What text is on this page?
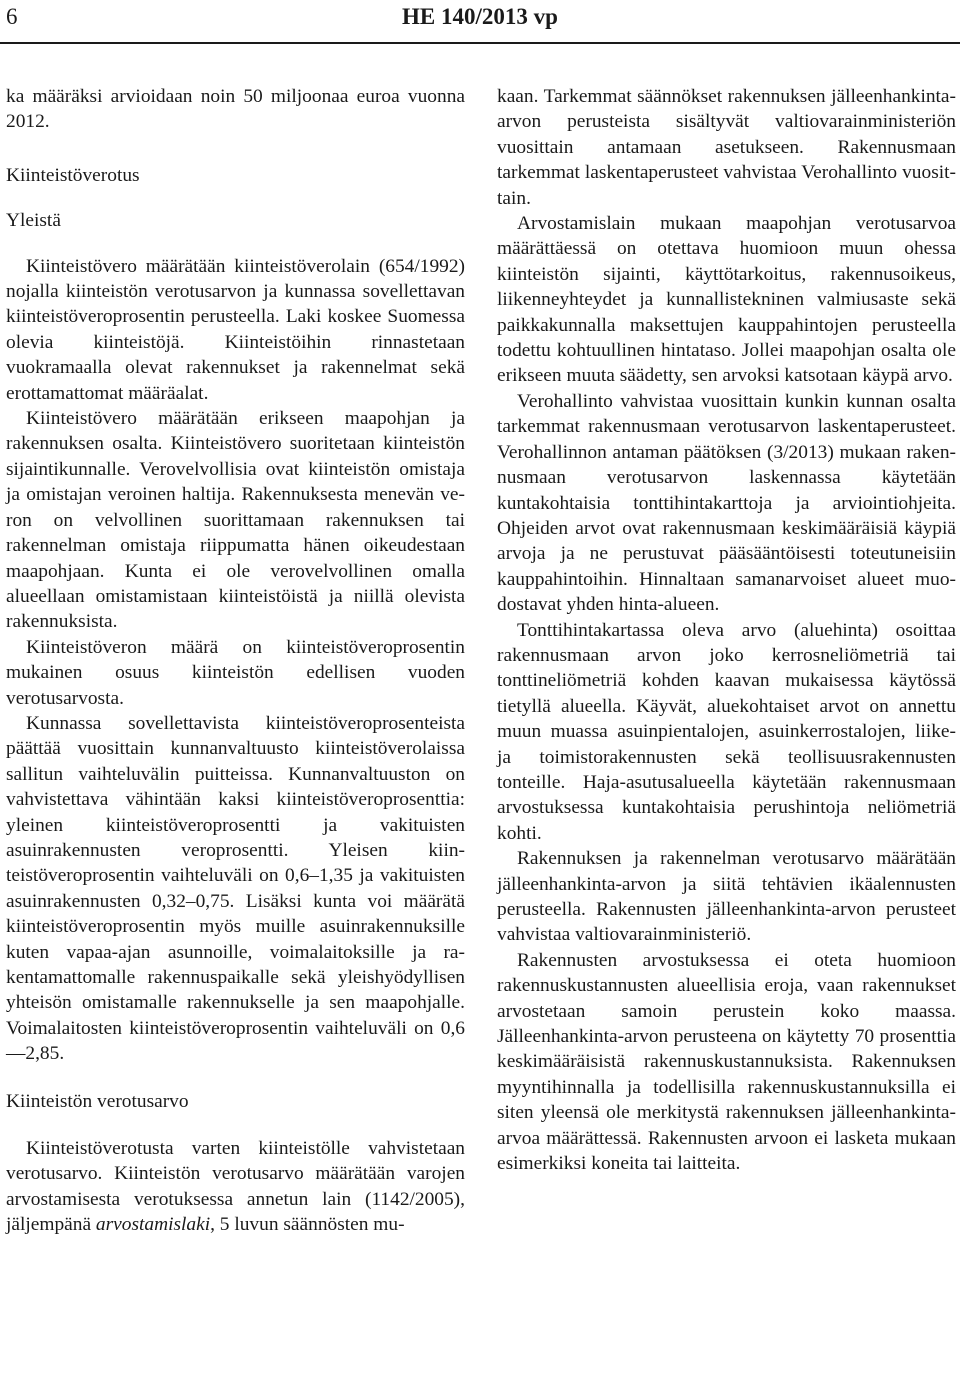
6	HE 140/2013 vp

ka määräksi arvioidaan noin 50 miljoonaa euroa vuonna 2012.

Kiinteistöverotus
Yleistä

Kiinteistövero määrätään kiinteistöverolain (654/1992) nojalla kiinteistön verotusarvon ja kunnassa sovellettavan kiinteistöveroprosentin perusteella. Laki koskee Suomessa olevia kiinteistöjä. Kiinteistöihin rinnastetaan vuokramaalla olevat rakennukset ja rakennelmat sekä erottamattomat määräalat.

Kiinteistövero määrätään erikseen maapohjan ja rakennuksen osalta. Kiinteistövero suoritetaan kiinteistön sijaintikunnalle. Verovelvollisia ovat kiinteistön omistaja ja omistajan veroinen haltija. Rakennuksesta menevän veron on velvollinen suorittamaan rakennuksen tai rakennelman omistaja riippumatta hänen oikeudestaan maapohjaan. Kunta ei ole verovelvollinen omalla alueellaan omistamistaan kiinteistöistä ja niillä olevista rakennuksista.

Kiinteistöveron määrä on kiinteistöveroprosentin mukainen osuus kiinteistön edellisen vuoden verotusarvosta.

Kunnassa sovellettavista kiinteistöveroprosenteista päättää vuosittain kunnanvaltuusto kiinteistöverolaissa sallitun vaihteluvälin puitteissa. Kunnanvaltuuston on vahvistettava vähintään kaksi kiinteistöveroprosenttia: yleinen kiinteistöveroprosentti ja vakituisten asuinrakennusten veroprosentti. Yleisen kiinteistöveroprosentin vaihteluväli on 0,6–1,35 ja vakituisten asuinrakennusten 0,32–0,75. Lisäksi kunta voi määrätä kiinteistöveroprosentin myös muille asuinrakennuksille kuten vapaa-ajan asunnoille, voimalaitoksille ja rakentamattomalle rakennuspaikalle sekä yleishyödyllisen yhteisön omistamalle rakennukselle ja sen maapohjalle. Voimalaitosten kiinteistöveroprosentin vaihteluväli on 0,6—2,85.

Kiinteistön verotusarvo

Kiinteistöverotusta varten kiinteistölle vahvistetaan verotusarvo. Kiinteistön verotusarvo määrätään varojen arvostamisesta verotuksessa annetun lain (1142/2005), jäljempänä arvostamislaki, 5 luvun säännösten mu-

kaan. Tarkemmat säännökset rakennuksen jälleenhankinta-arvon perusteista sisältyvät valtiovarainministeriön vuosittain antamaan asetukseen. Rakennusmaan tarkemmat laskentaperusteet vahvistaa Verohallinto vuosittain.

Arvostamislain mukaan maapohjan verotusarvoa määrättäessä on otettava huomioon muun ohessa kiinteistön sijainti, käyttötarkoitus, rakennusoikeus, liikenneyhteydet ja kunnallistekninen valmiusaste sekä paikkakunnalla maksettujen kauppahintojen perusteella todettu kohtuullinen hintataso. Jollei maapohjan osalta ole erikseen muuta säädetty, sen arvoksi katsotaan käypä arvo.

Verohallinto vahvistaa vuosittain kunkin kunnan osalta tarkemmat rakennusmaan verotusarvon laskentaperusteet. Verohallinnon antaman päätöksen (3/2013) mukaan rakennusmaan verotusarvon laskennassa käytetään kuntakohtaisia tonttihintakarttoja ja arviointiohjeita. Ohjeiden arvot ovat rakennusmaan keskimääräisiä käypiä arvoja ja ne perustuvat pääsääntöisesti toteutuneisiin kauppahintoihin. Hinnaltaan samanarvoiset alueet muodostavat yhden hinta-alueen.

Tonttihintakartassa oleva arvo (aluehinta) osoittaa rakennusmaan arvon joko kerrosneliömetriä tai tonttineliömetriä kohden kaavan mukaisessa käytössä tietyllä alueella. Käyvät, aluekohtaiset arvot on annettu muun muassa asuinpientalojen, asuinkerrostalojen, liike- ja toimistorakennusten sekä teollisuusrakennusten tonteille. Haja-asutusalueella käytetään rakennusmaan arvostuksessa kuntakohtaisia perushintoja neliömetriä kohti.

Rakennuksen ja rakennelman verotusarvo määrätään jälleenhankinta-arvon ja siitä tehtävien ikäalennusten perusteella. Rakennusten jälleenhankinta-arvon perusteet vahvistaa valtiovarainministeriö.

Rakennusten arvostuksessa ei oteta huomioon rakennuskustannusten alueellisia eroja, vaan rakennukset arvostetaan samoin perustein koko maassa. Jälleenhankinta-arvon perusteena on käytetty 70 prosenttia keskimääräisistä rakennuskustannuksista. Rakennuksen myyntihinnalla ja todellisilla rakennuskustannuksilla ei siten yleensä ole merkitystä rakennuksen jälleenhankinta-arvoa määrättessä. Rakennusten arvoon ei lasketa mukaan esimerkiksi koneita tai laitteita.
